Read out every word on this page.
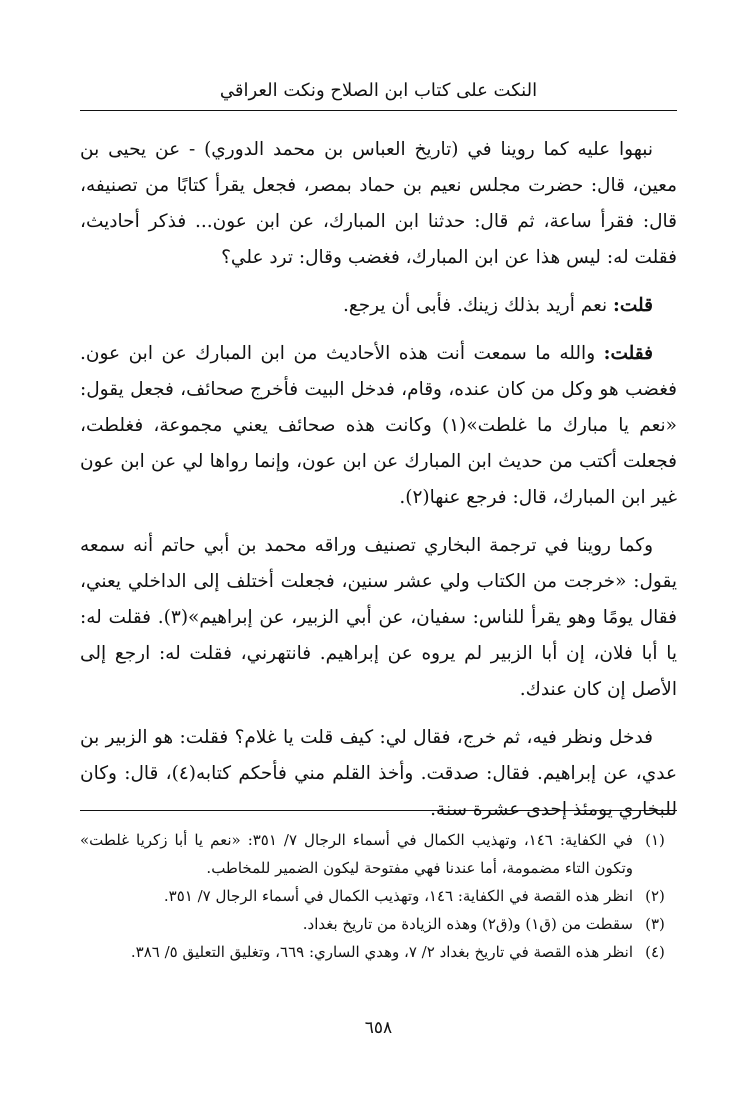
النكت على كتاب ابن الصلاح ونكت العراقي

نبهوا عليه كما روينا في (تاريخ العباس بن محمد الدوري) - عن يحيى بن معين، قال: حضرت مجلس نعيم بن حماد بمصر، فجعل يقرأ كتابًا من تصنيفه، قال: فقرأ ساعة، ثم قال: حدثنا ابن المبارك، عن ابن عون... فذكر أحاديث، فقلت له: ليس هذا عن ابن المبارك، فغضب وقال: ترد علي؟

قلت: نعم أريد بذلك زينك. فأبى أن يرجع.

فقلت: والله ما سمعت أنت هذه الأحاديث من ابن المبارك عن ابن عون. فغضب هو وكل من كان عنده، وقام، فدخل البيت فأخرج صحائف، فجعل يقول: «نعم يا مبارك ما غلطت»(١) وكانت هذه صحائف يعني مجموعة، فغلطت، فجعلت أكتب من حديث ابن المبارك عن ابن عون، وإنما رواها لي عن ابن عون غير ابن المبارك، قال: فرجع عنها(٢).

وكما روينا في ترجمة البخاري تصنيف وراقه محمد بن أبي حاتم أنه سمعه يقول: «خرجت من الكتاب ولي عشر سنين، فجعلت أختلف إلى الداخلي يعني، فقال يومًا وهو يقرأ للناس: سفيان، عن أبي الزبير، عن إبراهيم»(٣). فقلت له: يا أبا فلان، إن أبا الزبير لم يروه عن إبراهيم. فانتهرني، فقلت له: ارجع إلى الأصل إن كان عندك.

فدخل ونظر فيه، ثم خرج، فقال لي: كيف قلت يا غلام؟ فقلت: هو الزبير بن عدي، عن إبراهيم. فقال: صدقت. وأخذ القلم مني فأحكم كتابه(٤)، قال: وكان للبخاري يومئذ إحدى عشرة سنة.

(١)
في الكفاية: ١٤٦، وتهذيب الكمال في أسماء الرجال ٧/ ٣٥١: «نعم يا أبا زكريا غلطت» وتكون التاء مضمومة، أما عندنا فهي مفتوحة ليكون الضمير للمخاطب.
(٢)
انظر هذه القصة في الكفاية: ١٤٦، وتهذيب الكمال في أسماء الرجال ٧/ ٣٥١.
(٣)
سقطت من (ق١) و(ق٢) وهذه الزيادة من تاريخ بغداد.
(٤)
انظر هذه القصة في تاريخ بغداد ٢/ ٧، وهدي الساري: ٦٦٩، وتغليق التعليق ٥/ ٣٨٦.
٦٥٨
